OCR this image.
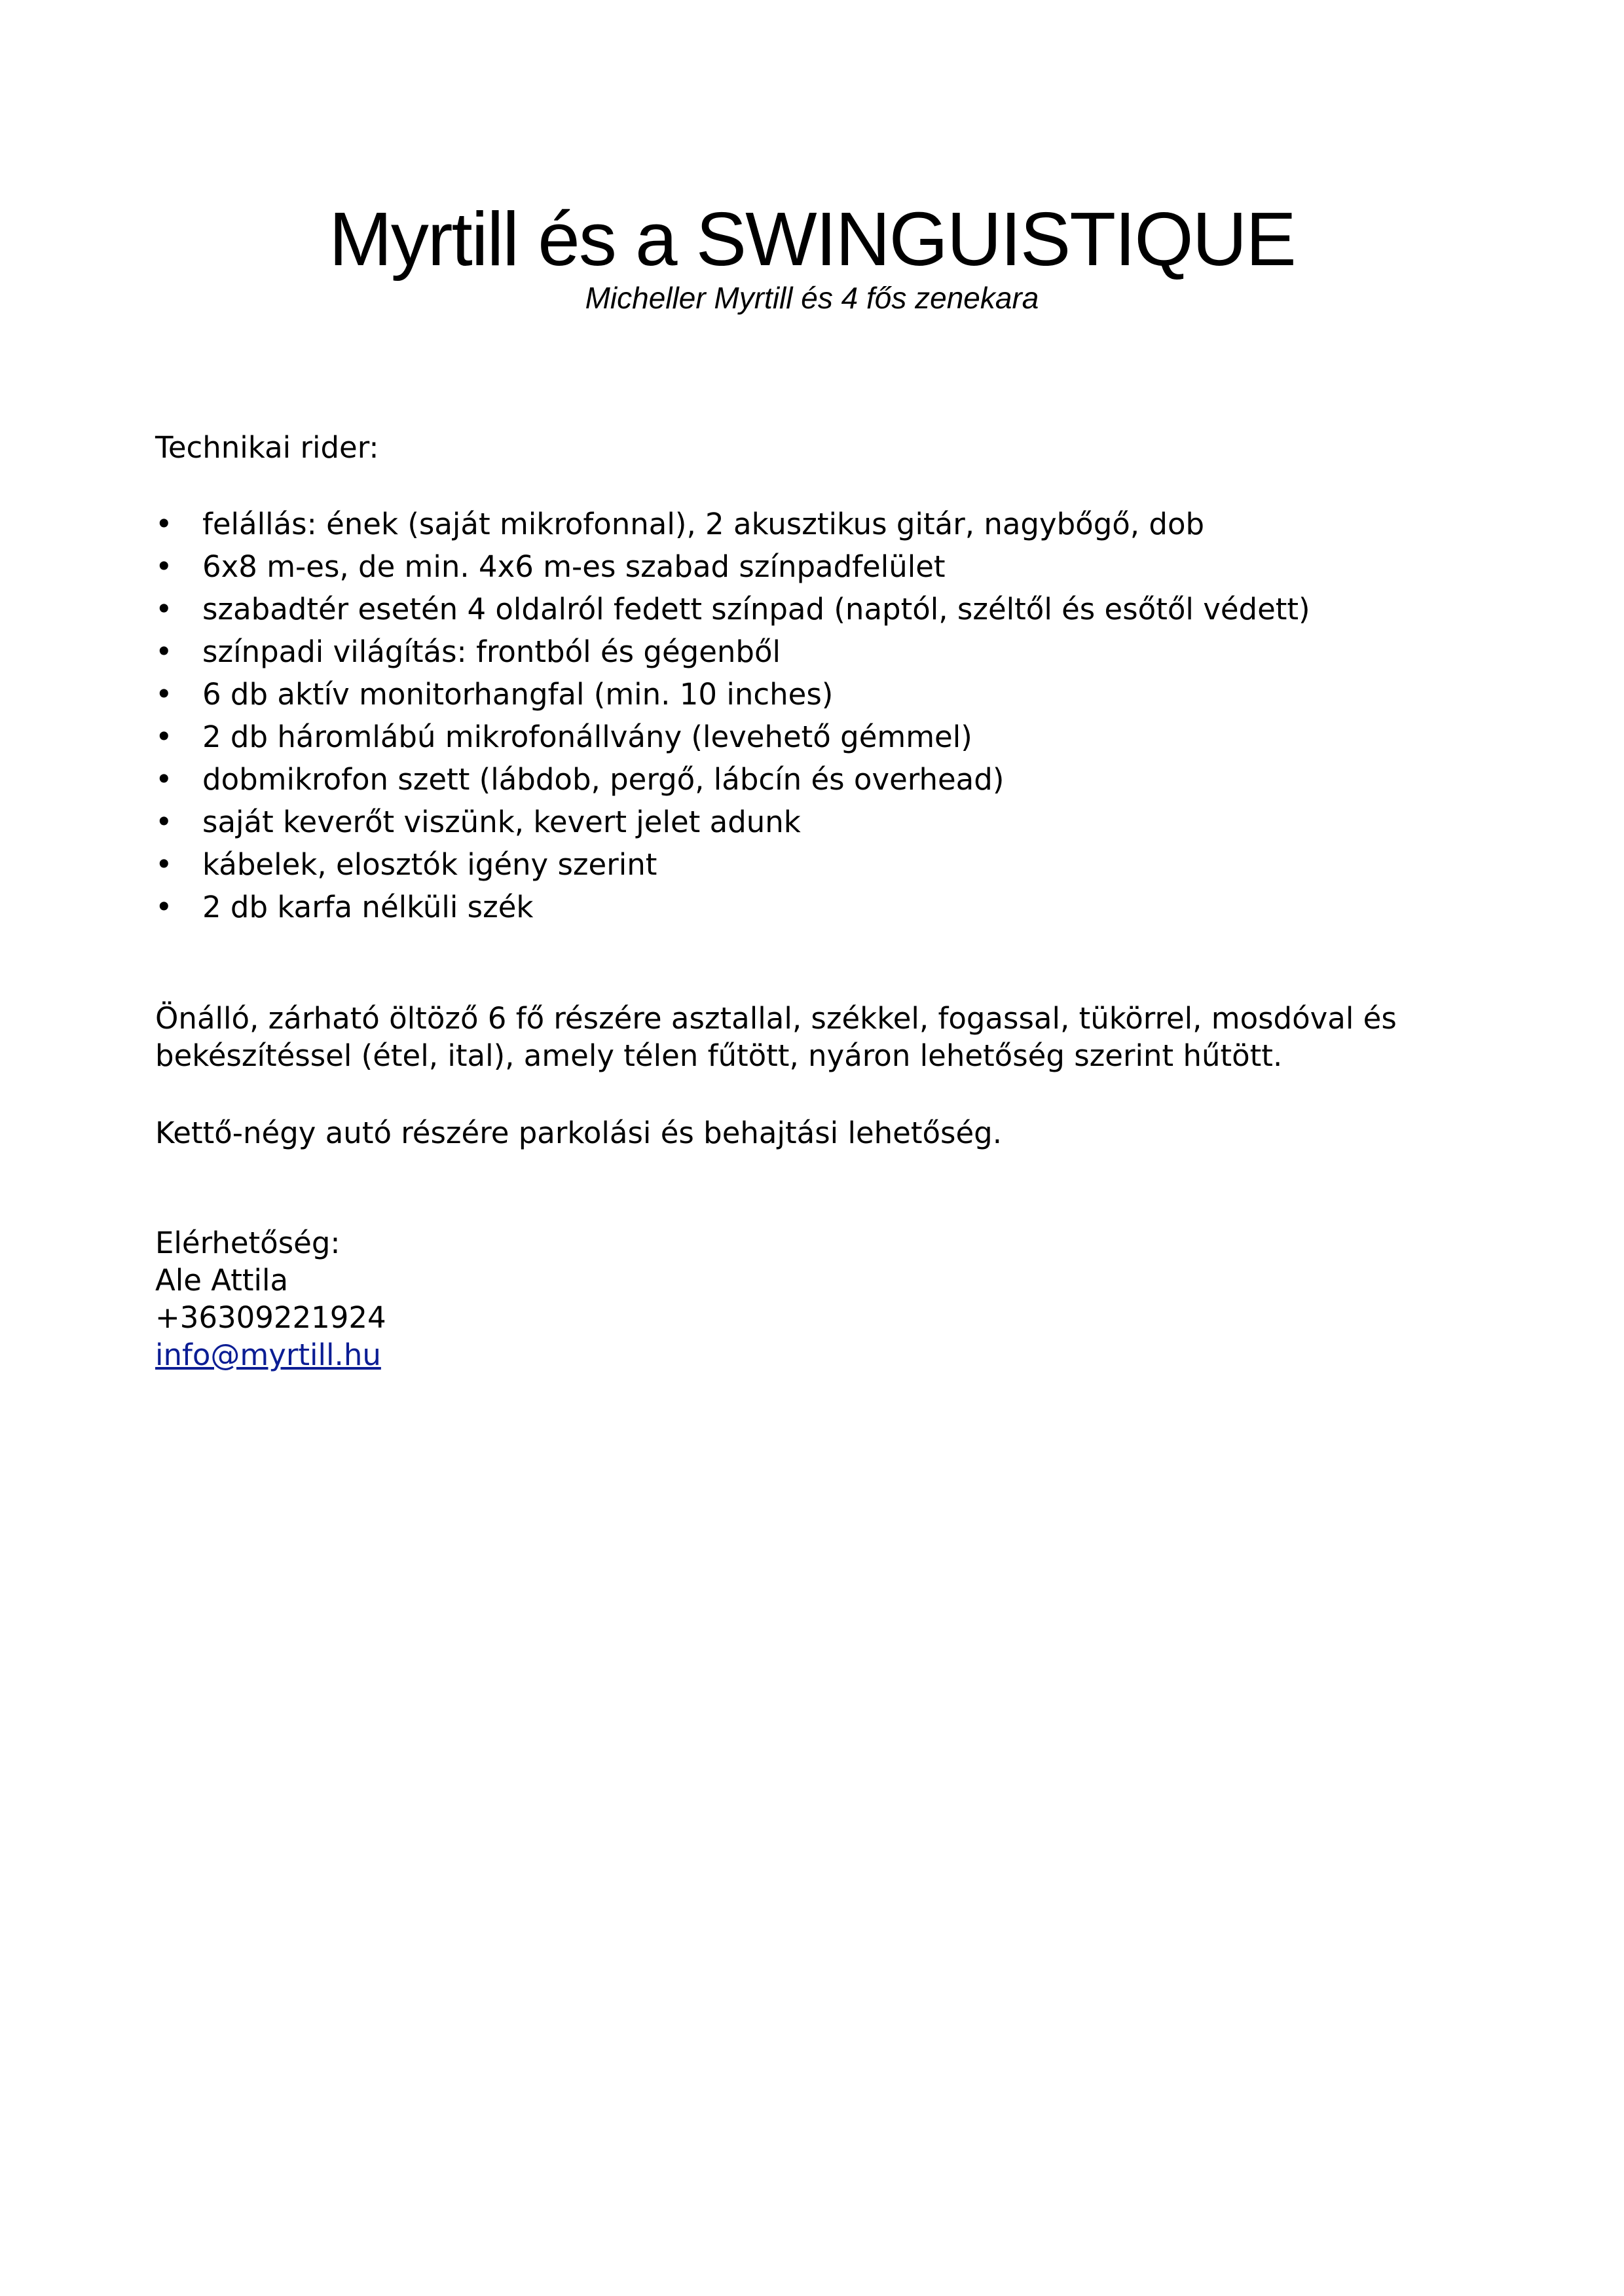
Myrtill és a SWINGUISTIQUE
Micheller Myrtill és 4 fős zenekara
Technikai rider:
• felállás: ének (saját mikrofonnal), 2 akusztikus gitár, nagybőgő, dob
• 6x8 m-es, de min. 4x6 m-es szabad színpadfelület
• szabadtér esetén 4 oldalról fedett színpad (naptól, széltől és esőtől védett)
• színpadi világítás: frontból és gégenből
• 6 db aktív monitorhangfal (min. 10 inches)
• 2 db háromlábú mikrofonállvány (levehető gémmel)
• dobmikrofon szett (lábdob, pergő, lábcín és overhead)
• saját keverőt viszünk, kevert jelet adunk
• kábelek, elosztók igény szerint
• 2 db karfa nélküli szék
Önálló, zárható öltöző 6 fő részére asztallal, székkel, fogassal, tükörrel, mosdóval és
bekészítéssel (étel, ital), amely télen fűtött, nyáron lehetőség szerint hűtött.
Kettő-négy autó részére parkolási és behajtási lehetőség.
Elérhetőség:
Ale Attila
+36309221924
info@myrtill.hu
